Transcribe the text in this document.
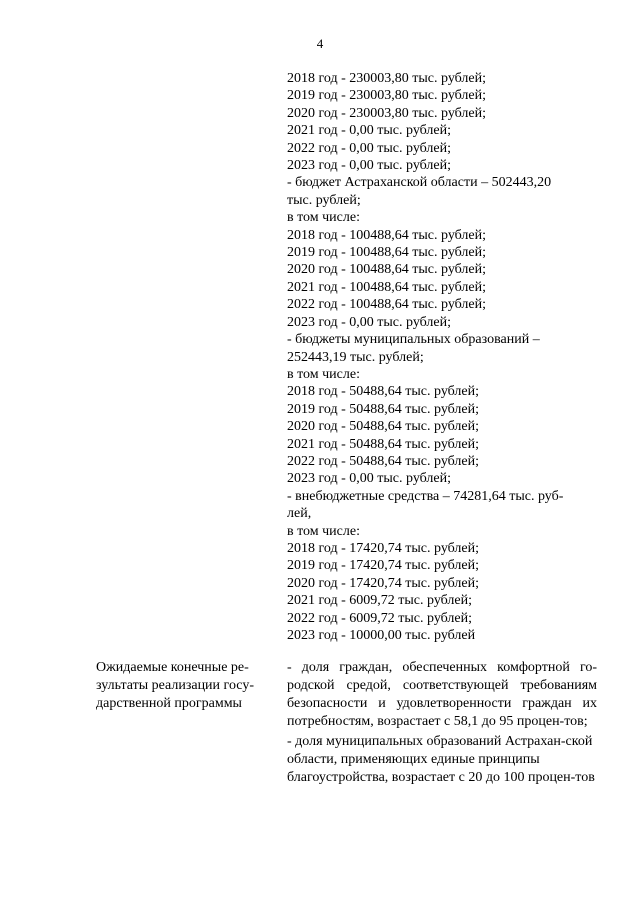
4
2018 год - 230003,80 тыс. рублей;
2019 год - 230003,80 тыс. рублей;
2020 год - 230003,80 тыс. рублей;
2021 год - 0,00 тыс. рублей;
2022 год - 0,00 тыс. рублей;
2023 год - 0,00 тыс. рублей;
- бюджет Астраханской области – 502443,20
тыс. рублей;
в том числе:
2018 год - 100488,64 тыс. рублей;
2019 год - 100488,64 тыс. рублей;
2020 год - 100488,64 тыс. рублей;
2021 год - 100488,64 тыс. рублей;
2022 год - 100488,64 тыс. рублей;
2023 год - 0,00 тыс. рублей;
- бюджеты муниципальных образований –
252443,19 тыс. рублей;
в том числе:
2018 год - 50488,64 тыс. рублей;
2019 год - 50488,64 тыс. рублей;
2020 год - 50488,64 тыс. рублей;
2021 год - 50488,64 тыс. рублей;
2022 год - 50488,64 тыс. рублей;
2023 год - 0,00 тыс. рублей;
- внебюджетные средства – 74281,64 тыс. руб-
лей,
в том числе:
2018 год - 17420,74 тыс. рублей;
2019 год - 17420,74 тыс. рублей;
2020 год - 17420,74 тыс. рублей;
2021 год - 6009,72 тыс. рублей;
2022 год - 6009,72 тыс. рублей;
2023 год - 10000,00 тыс. рублей
Ожидаемые конечные ре-зультаты реализации госу-дарственной программы

- доля граждан, обеспеченных комфортной го-родской средой, соответствующей требованиям безопасности и удовлетворенности граждан их потребностям, возрастает с 58,1 до 95 процен-тов;

- доля муниципальных образований Астрахан-ской области, применяющих единые принципы благоустройства, возрастает с 20 до 100 процен-тов
